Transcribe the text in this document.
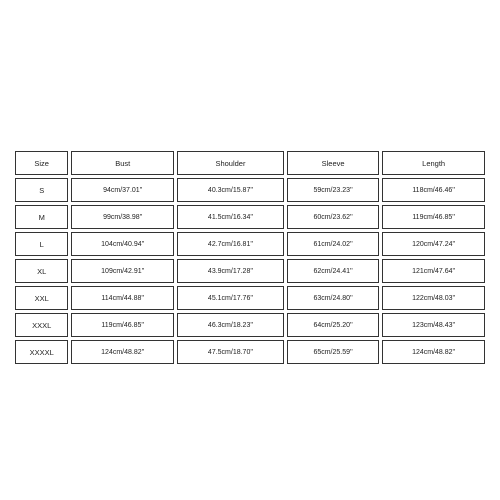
Size	Bust	Shoulder	Sleeve	Length
S	94cm/37.01''	40.3cm/15.87''	59cm/23.23''	118cm/46.46''
M	99cm/38.98''	41.5cm/16.34''	60cm/23.62''	119cm/46.85''
L	104cm/40.94''	42.7cm/16.81''	61cm/24.02''	120cm/47.24''
XL	109cm/42.91''	43.9cm/17.28''	62cm/24.41''	121cm/47.64''
XXL	114cm/44.88''	45.1cm/17.76''	63cm/24.80''	122cm/48.03''
XXXL	119cm/46.85''	46.3cm/18.23''	64cm/25.20''	123cm/48.43''
XXXXL	124cm/48.82''	47.5cm/18.70''	65cm/25.59''	124cm/48.82''
